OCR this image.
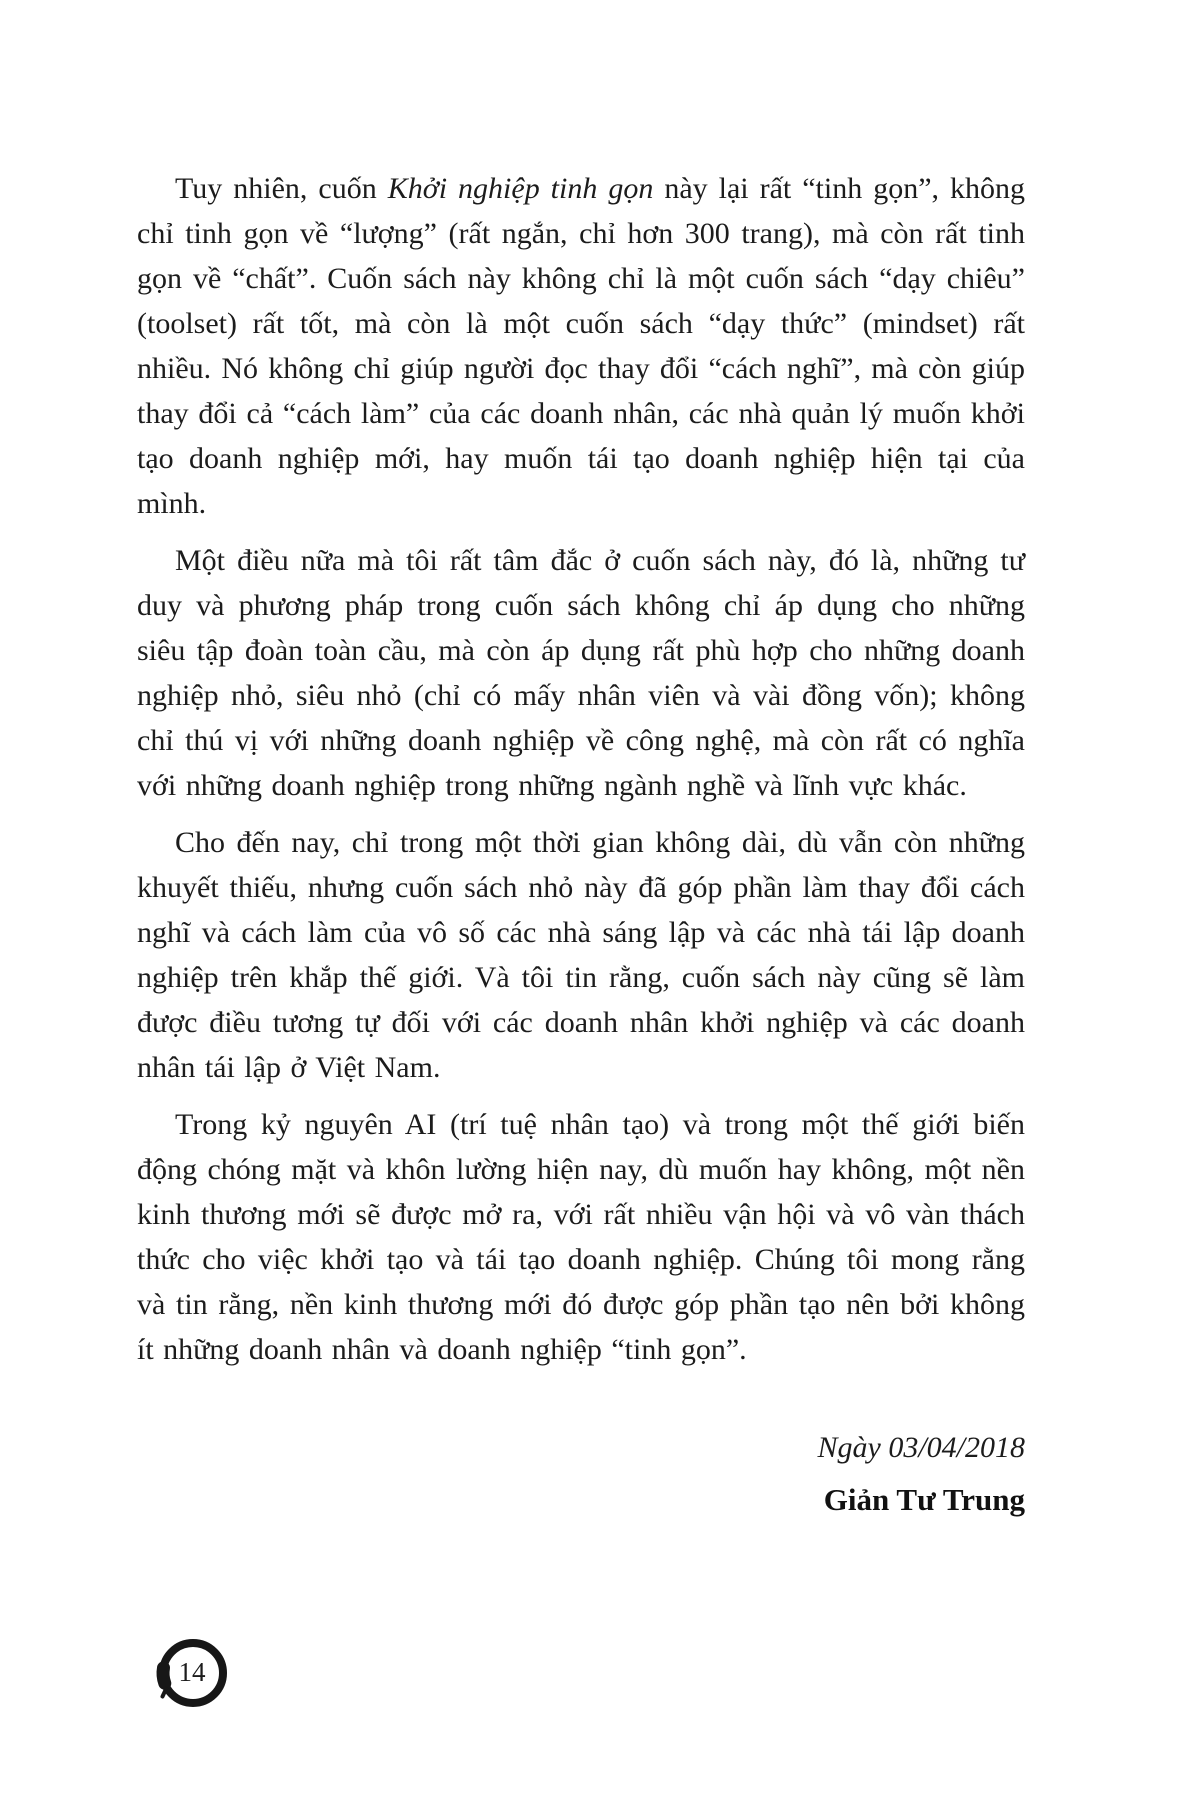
Tuy nhiên, cuốn Khởi nghiệp tinh gọn này lại rất “tinh gọn”, không chỉ tinh gọn về “lượng” (rất ngắn, chỉ hơn 300 trang), mà còn rất tinh gọn về “chất”. Cuốn sách này không chỉ là một cuốn sách “dạy chiêu” (toolset) rất tốt, mà còn là một cuốn sách “dạy thức” (mindset) rất nhiều. Nó không chỉ giúp người đọc thay đổi “cách nghĩ”, mà còn giúp thay đổi cả “cách làm” của các doanh nhân, các nhà quản lý muốn khởi tạo doanh nghiệp mới, hay muốn tái tạo doanh nghiệp hiện tại của mình.

Một điều nữa mà tôi rất tâm đắc ở cuốn sách này, đó là, những tư duy và phương pháp trong cuốn sách không chỉ áp dụng cho những siêu tập đoàn toàn cầu, mà còn áp dụng rất phù hợp cho những doanh nghiệp nhỏ, siêu nhỏ (chỉ có mấy nhân viên và vài đồng vốn); không chỉ thú vị với những doanh nghiệp về công nghệ, mà còn rất có nghĩa với những doanh nghiệp trong những ngành nghề và lĩnh vực khác.

Cho đến nay, chỉ trong một thời gian không dài, dù vẫn còn những khuyết thiếu, nhưng cuốn sách nhỏ này đã góp phần làm thay đổi cách nghĩ và cách làm của vô số các nhà sáng lập và các nhà tái lập doanh nghiệp trên khắp thế giới. Và tôi tin rằng, cuốn sách này cũng sẽ làm được điều tương tự đối với các doanh nhân khởi nghiệp và các doanh nhân tái lập ở Việt Nam.

Trong kỷ nguyên AI (trí tuệ nhân tạo) và trong một thế giới biến động chóng mặt và khôn lường hiện nay, dù muốn hay không, một nền kinh thương mới sẽ được mở ra, với rất nhiều vận hội và vô vàn thách thức cho việc khởi tạo và tái tạo doanh nghiệp. Chúng tôi mong rằng và tin rằng, nền kinh thương mới đó được góp phần tạo nên bởi không ít những doanh nhân và doanh nghiệp “tinh gọn”.

Ngày 03/04/2018

Giản Tư Trung

14
